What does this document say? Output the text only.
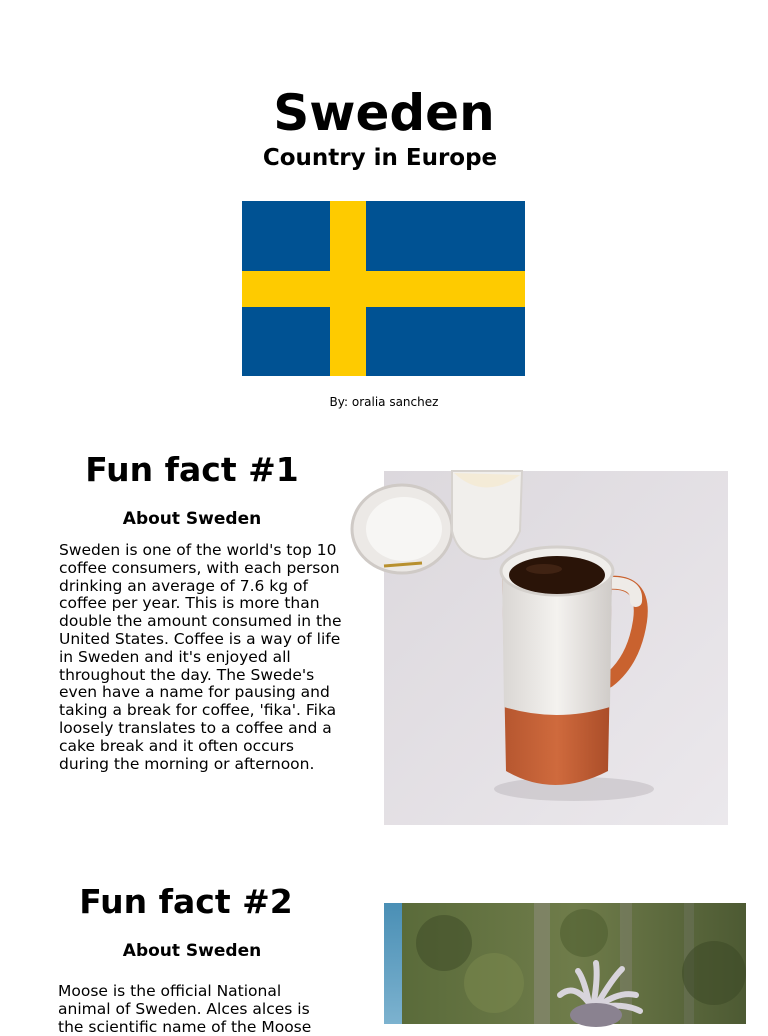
Sweden
Country in Europe
By: oralia sanchez
Fun fact #1
About Sweden

Sweden is one of the world's top 10 coffee consumers, with each person drinking an average of 7.6 kg of coffee per year. This is more than double the amount consumed in the United States. Coffee is a way of life in Sweden and it's enjoyed all throughout the day. The Swede's even have a name for pausing and taking a break for coffee, 'fika'. Fika loosely translates to a coffee and a cake break and it often occurs during the morning or afternoon.

Fun fact #2
About Sweden

Moose is the official National animal of Sweden. Alces alces is the scientific name of the Moose
